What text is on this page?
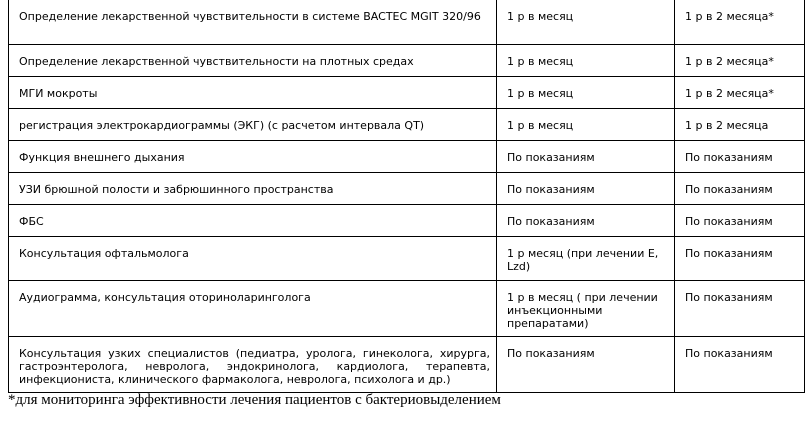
Определение лекарственной чувствительности в системе BACTEC MGIT 320/96	1 р в месяц	1 р в 2 месяца*
Определение лекарственной чувствительности на плотных средах	1 р в месяц	1 р в 2 месяца*
МГИ мокроты	1 р в месяц	1 р в 2 месяца*
регистрация электрокардиограммы (ЭКГ) (с расчетом интервала QT)	1 р в месяц	1 р в 2 месяца
Функция внешнего дыхания	По показаниям	По показаниям
УЗИ брюшной полости и забрюшинного пространства	По показаниям	По показаниям
ФБС	По показаниям	По показаниям
Консультация офтальмолога	1 р месяц (при лечении E, Lzd)	По показаниям
Аудиограмма, консультация оториноларинголога	1 р в месяц ( при лечении инъекционными препаратами)	По показаниям
Консультация узких специалистов (педиатра, уролога, гинеколога, хирурга, гастроэнтеролога, невролога, эндокринолога, кардиолога, терапевта, инфекциониста, клинического фармаколога, невролога, психолога и др.)	По показаниям	По показаниям
*для мониторинга эффективности лечения пациентов с бактериовыделением
